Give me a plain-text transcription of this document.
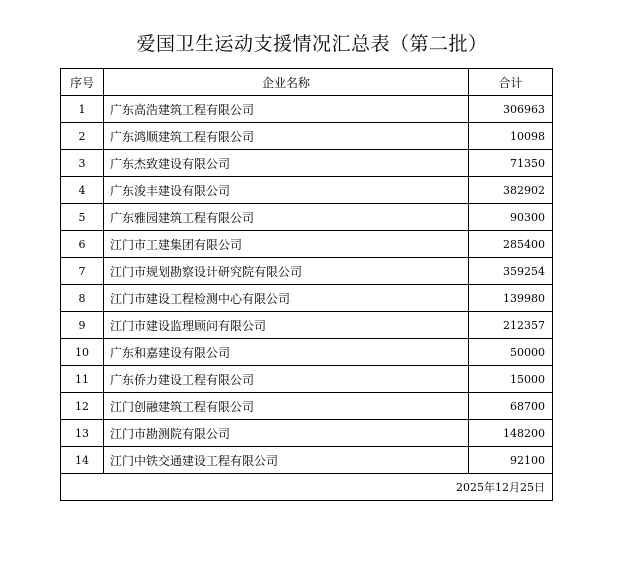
爱国卫生运动支援情况汇总表（第二批）
序号	企业名称	合计
1	广东高浩建筑工程有限公司	306963
2	广东鸿顺建筑工程有限公司	10098
3	广东杰致建设有限公司	71350
4	广东浚丰建设有限公司	382902
5	广东雅园建筑工程有限公司	90300
6	江门市工建集团有限公司	285400
7	江门市规划勘察设计研究院有限公司	359254
8	江门市建设工程检测中心有限公司	139980
9	江门市建设监理顾问有限公司	212357
10	广东和嘉建设有限公司	50000
11	广东侨力建设工程有限公司	15000
12	江门创融建筑工程有限公司	68700
13	江门市勘测院有限公司	148200
14	江门中铁交通建设工程有限公司	92100
2025年12月25日		
